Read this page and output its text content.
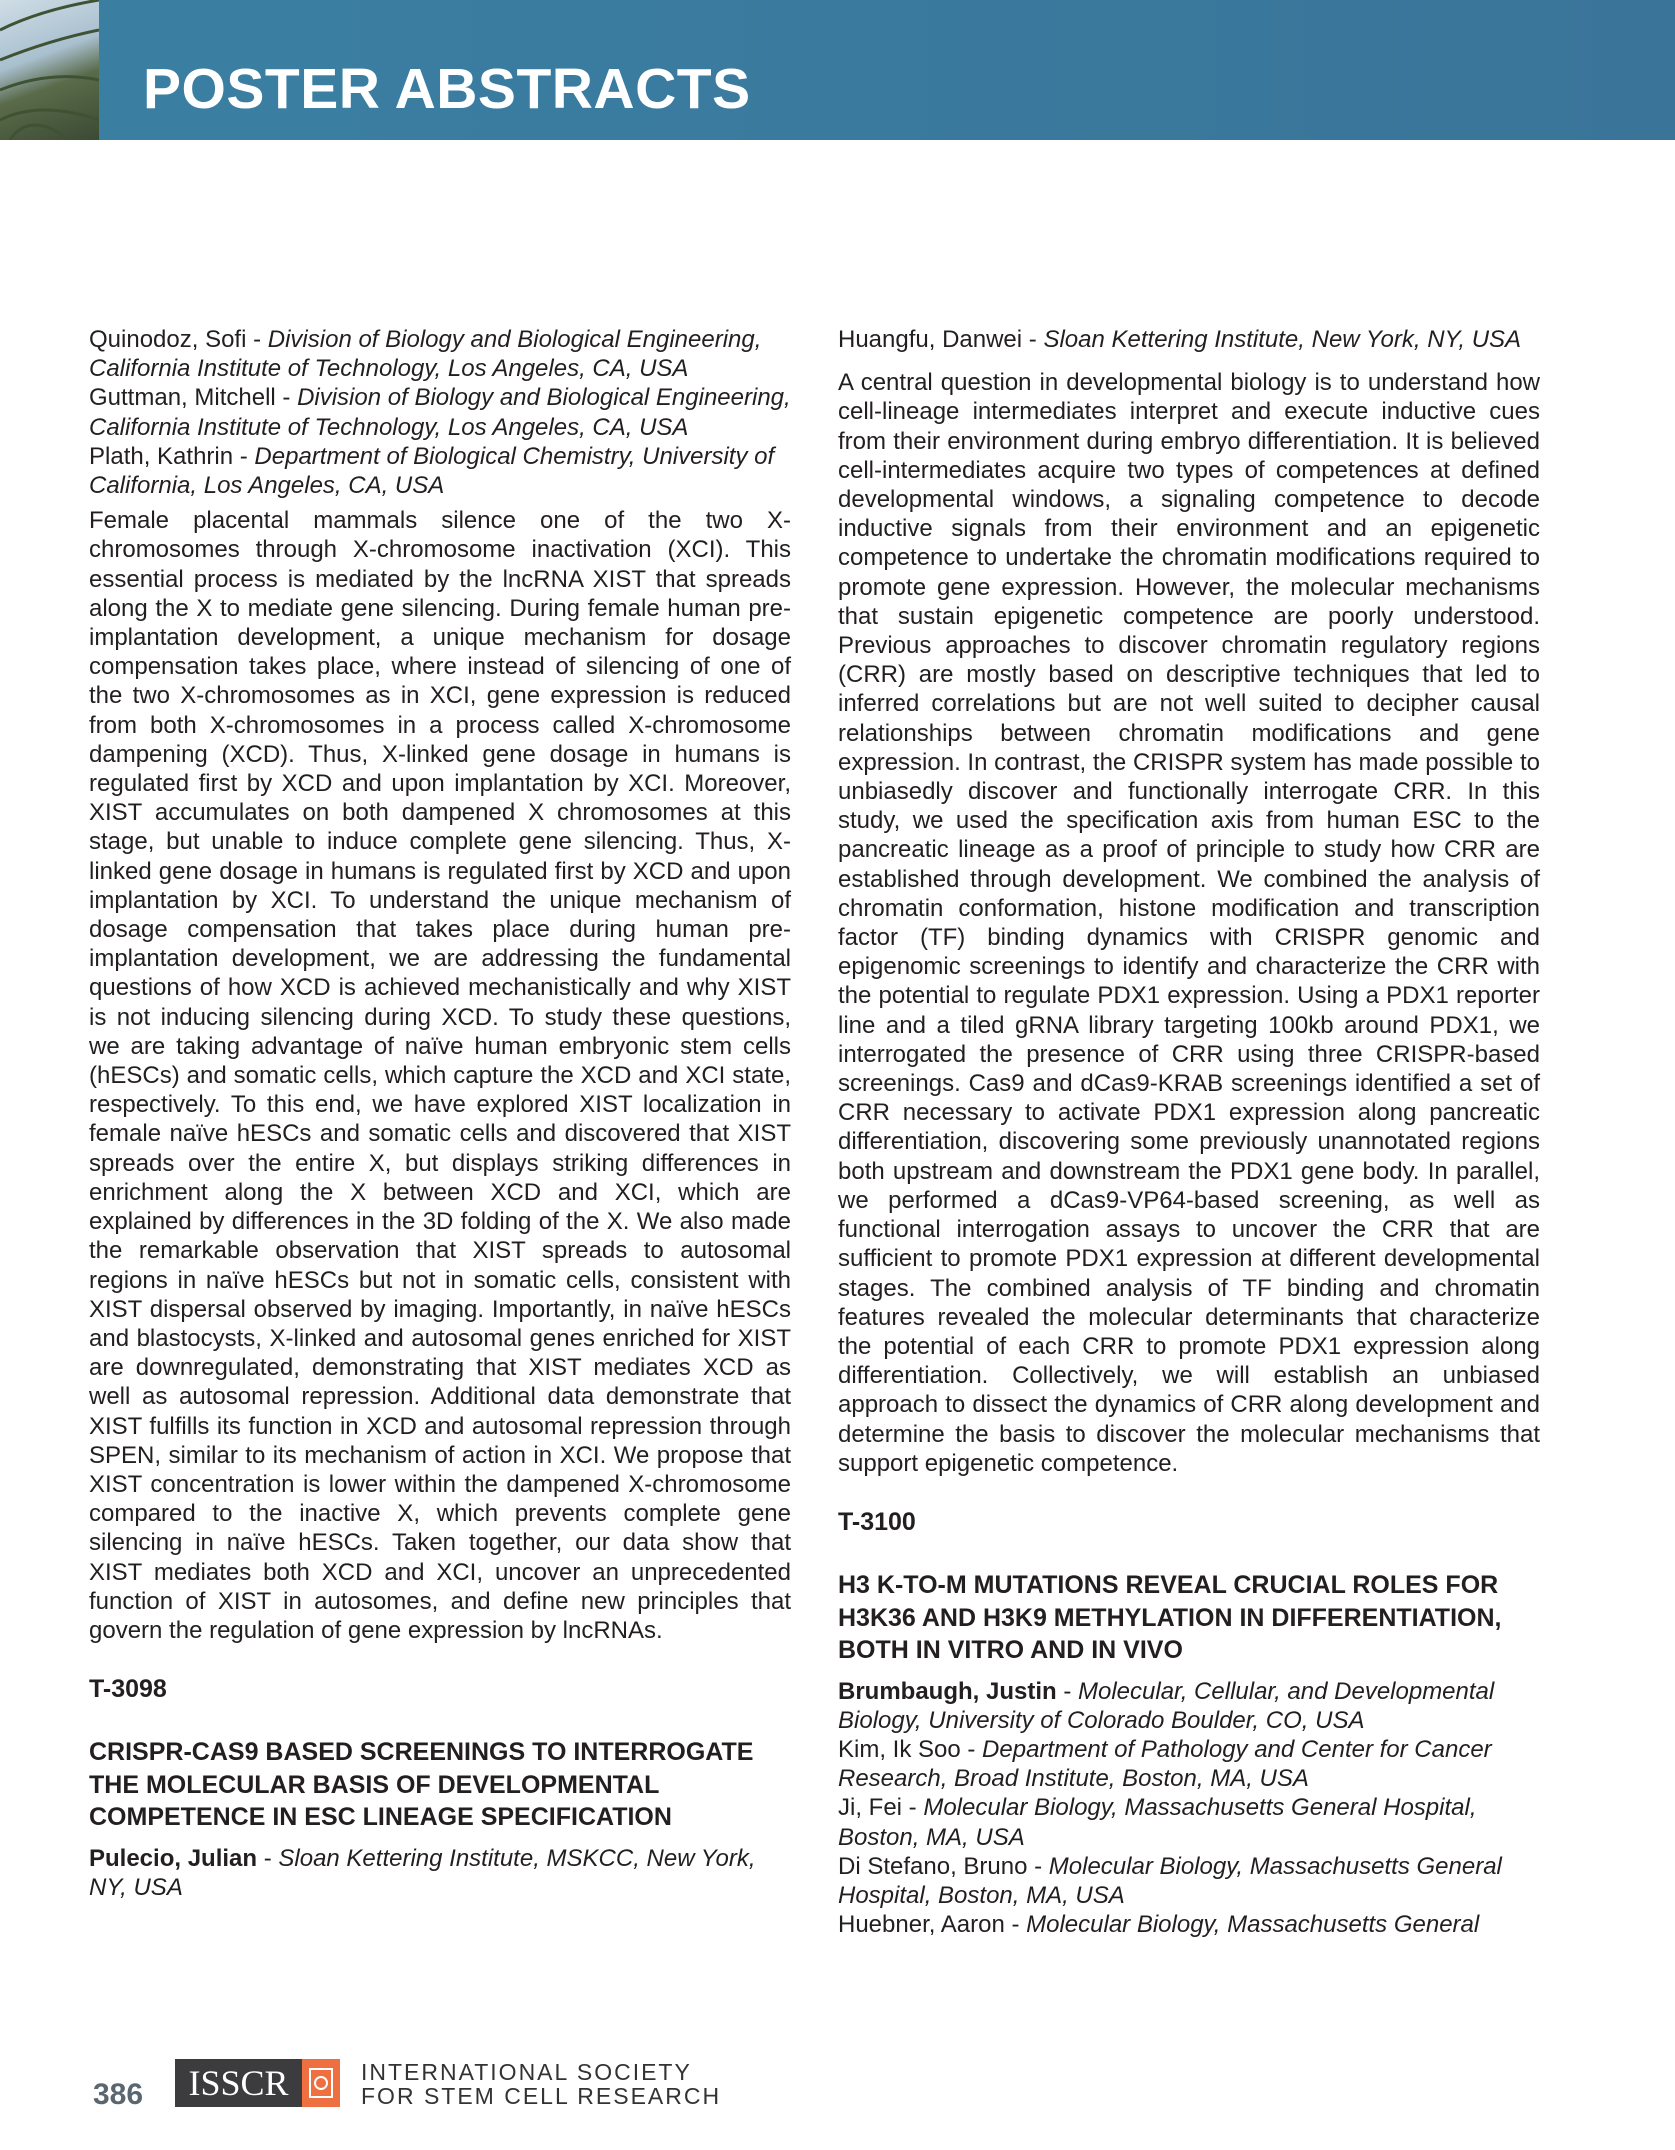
POSTER ABSTRACTS

Quinodoz, Sofi - Division of Biology and Biological Engineering, California Institute of Technology, Los Angeles, CA, USA

Guttman, Mitchell - Division of Biology and Biological Engineering, California Institute of Technology, Los Angeles, CA, USA

Plath, Kathrin - Department of Biological Chemistry, University of California, Los Angeles, CA, USA

Female placental mammals silence one of the two X-chromosomes through X-chromosome inactivation (XCI). This essential process is mediated by the lncRNA XIST that spreads along the X to mediate gene silencing. During female human pre-implantation development, a unique mechanism for dosage compensation takes place, where instead of silencing of one of the two X-chromosomes as in XCI, gene expression is reduced from both X-chromosomes in a process called X-chromosome dampening (XCD). Thus, X-linked gene dosage in humans is regulated first by XCD and upon implantation by XCI. Moreover, XIST accumulates on both dampened X chromosomes at this stage, but unable to induce complete gene silencing. Thus, X-linked gene dosage in humans is regulated first by XCD and upon implantation by XCI. To understand the unique mechanism of dosage compensation that takes place during human pre-implantation development, we are addressing the fundamental questions of how XCD is achieved mechanistically and why XIST is not inducing silencing during XCD. To study these questions, we are taking advantage of naïve human embryonic stem cells (hESCs) and somatic cells, which capture the XCD and XCI state, respectively. To this end, we have explored XIST localization in female naïve hESCs and somatic cells and discovered that XIST spreads over the entire X, but displays striking differences in enrichment along the X between XCD and XCI, which are explained by differences in the 3D folding of the X. We also made the remarkable observation that XIST spreads to autosomal regions in naïve hESCs but not in somatic cells, consistent with XIST dispersal observed by imaging. Importantly, in naïve hESCs and blastocysts, X-linked and autosomal genes enriched for XIST are downregulated, demonstrating that XIST mediates XCD as well as autosomal repression. Additional data demonstrate that XIST fulfills its function in XCD and autosomal repression through SPEN, similar to its mechanism of action in XCI. We propose that XIST concentration is lower within the dampened X-chromosome compared to the inactive X, which prevents complete gene silencing in naïve hESCs. Taken together, our data show that XIST mediates both XCD and XCI, uncover an unprecedented function of XIST in autosomes, and define new principles that govern the regulation of gene expression by lncRNAs.

T-3098

CRISPR-CAS9 BASED SCREENINGS TO INTERROGATE THE MOLECULAR BASIS OF DEVELOPMENTAL COMPETENCE IN ESC LINEAGE SPECIFICATION

Pulecio, Julian - Sloan Kettering Institute, MSKCC, New York, NY, USA

Huangfu, Danwei - Sloan Kettering Institute, New York, NY, USA

A central question in developmental biology is to understand how cell-lineage intermediates interpret and execute inductive cues from their environment during embryo differentiation. It is believed cell-intermediates acquire two types of competences at defined developmental windows, a signaling competence to decode inductive signals from their environment and an epigenetic competence to undertake the chromatin modifications required to promote gene expression. However, the molecular mechanisms that sustain epigenetic competence are poorly understood. Previous approaches to discover chromatin regulatory regions (CRR) are mostly based on descriptive techniques that led to inferred correlations but are not well suited to decipher causal relationships between chromatin modifications and gene expression. In contrast, the CRISPR system has made possible to unbiasedly discover and functionally interrogate CRR. In this study, we used the specification axis from human ESC to the pancreatic lineage as a proof of principle to study how CRR are established through development. We combined the analysis of chromatin conformation, histone modification and transcription factor (TF) binding dynamics with CRISPR genomic and epigenomic screenings to identify and characterize the CRR with the potential to regulate PDX1 expression. Using a PDX1 reporter line and a tiled gRNA library targeting 100kb around PDX1, we interrogated the presence of CRR using three CRISPR-based screenings. Cas9 and dCas9-KRAB screenings identified a set of CRR necessary to activate PDX1 expression along pancreatic differentiation, discovering some previously unannotated regions both upstream and downstream the PDX1 gene body. In parallel, we performed a dCas9-VP64-based screening, as well as functional interrogation assays to uncover the CRR that are sufficient to promote PDX1 expression at different developmental stages. The combined analysis of TF binding and chromatin features revealed the molecular determinants that characterize the potential of each CRR to promote PDX1 expression along differentiation. Collectively, we will establish an unbiased approach to dissect the dynamics of CRR along development and determine the basis to discover the molecular mechanisms that support epigenetic competence.

T-3100

H3 K-TO-M MUTATIONS REVEAL CRUCIAL ROLES FOR H3K36 AND H3K9 METHYLATION IN DIFFERENTIATION, BOTH IN VITRO AND IN VIVO

Brumbaugh, Justin - Molecular, Cellular, and Developmental Biology, University of Colorado Boulder, CO, USA

Kim, Ik Soo - Department of Pathology and Center for Cancer Research, Broad Institute, Boston, MA, USA

Ji, Fei - Molecular Biology, Massachusetts General Hospital, Boston, MA, USA

Di Stefano, Bruno - Molecular Biology, Massachusetts General Hospital, Boston, MA, USA

Huebner, Aaron - Molecular Biology, Massachusetts General

386	ISSCR	INTERNATIONAL SOCIETY
FOR STEM CELL RESEARCH
